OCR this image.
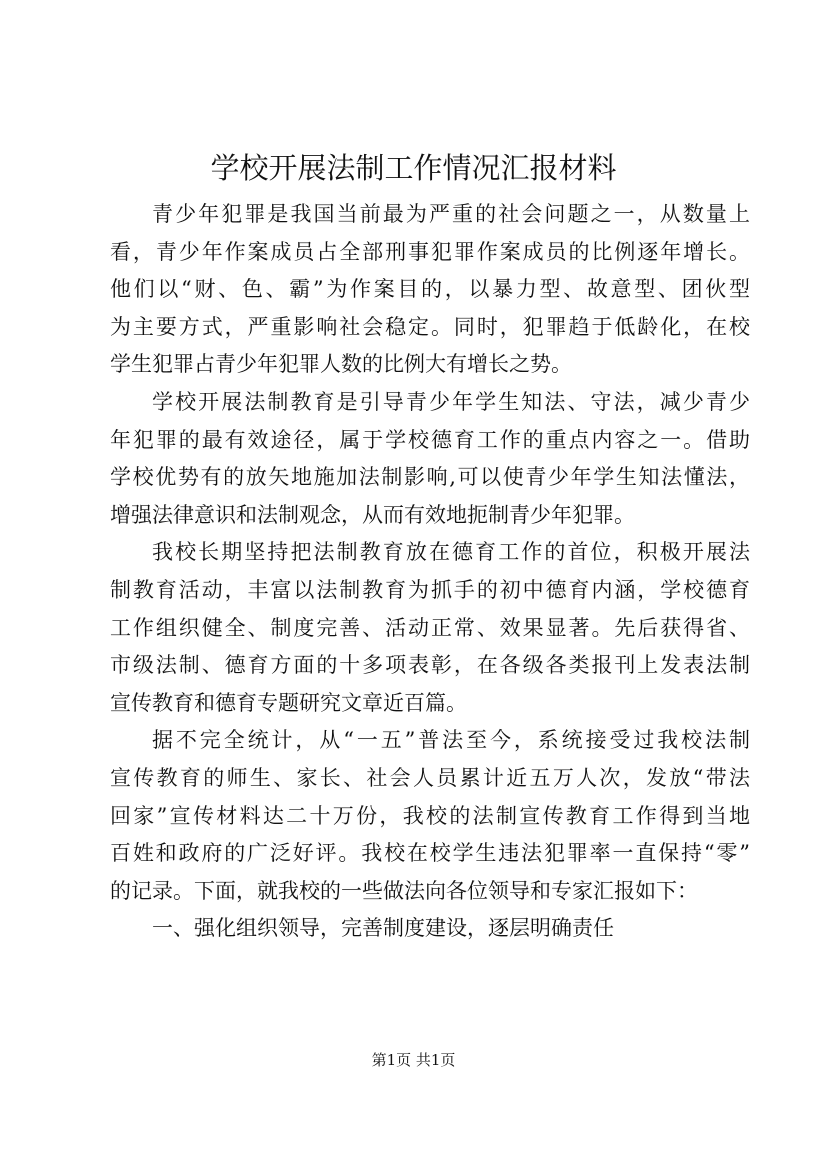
学校开展法制工作情况汇报材料
青少年犯罪是我国当前最为严重的社会问题之一，从数量上
看，青少年作案成员占全部刑事犯罪作案成员的比例逐年增长。
他们以“财、色、霸”为作案目的，以暴力型、故意型、团伙型
为主要方式，严重影响社会稳定。同时，犯罪趋于低龄化，在校
学生犯罪占青少年犯罪人数的比例大有增长之势。
学校开展法制教育是引导青少年学生知法、守法，减少青少
年犯罪的最有效途径，属于学校德育工作的重点内容之一。借助
学校优势有的放矢地施加法制影响,可以使青少年学生知法懂法，
增强法律意识和法制观念，从而有效地扼制青少年犯罪。
我校长期坚持把法制教育放在德育工作的首位，积极开展法
制教育活动，丰富以法制教育为抓手的初中德育内涵，学校德育
工作组织健全、制度完善、活动正常、效果显著。先后获得省、
市级法制、德育方面的十多项表彰，在各级各类报刊上发表法制
宣传教育和德育专题研究文章近百篇。
据不完全统计，从“一五”普法至今，系统接受过我校法制
宣传教育的师生、家长、社会人员累计近五万人次，发放“带法
回家”宣传材料达二十万份，我校的法制宣传教育工作得到当地
百姓和政府的广泛好评。我校在校学生违法犯罪率一直保持“零”
的记录。下面，就我校的一些做法向各位领导和专家汇报如下：
一、强化组织领导，完善制度建设，逐层明确责任
第1页 共1页
